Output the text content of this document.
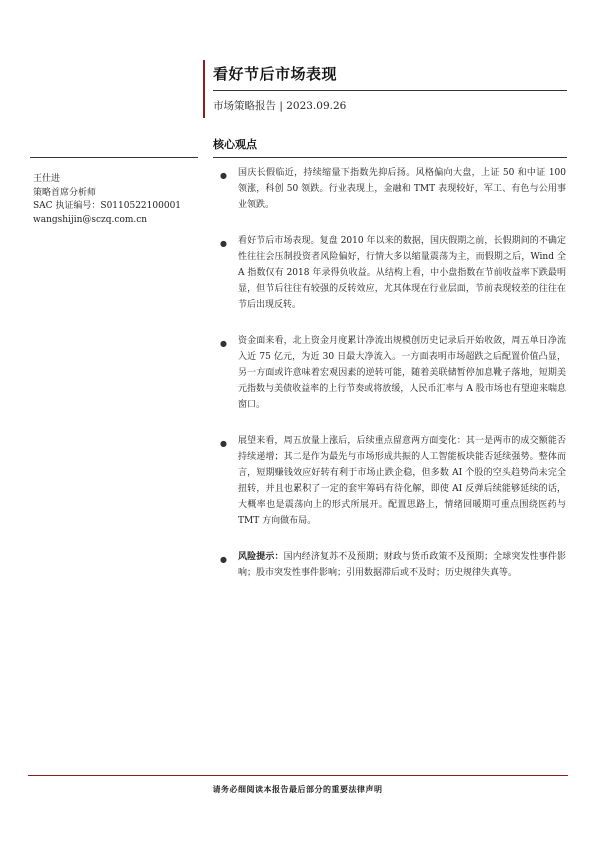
看好节后市场表现
市场策略报告 | 2023.09.26
核心观点
王仕进
策略首席分析师
SAC 执证编号：S0110522100001
wangshijin@sczq.com.cn
● 国庆长假临近，持续缩量下指数先抑后扬。风格偏向大盘，上证 50 和中证 100 领涨，科创 50 领跌。行业表现上，金融和 TMT 表现较好，军工、有色与公用事业领跌。
● 看好节后市场表现。复盘 2010 年以来的数据，国庆假期之前，长假期间的不确定性往往会压制投资者风险偏好，行情大多以缩量震荡为主，而假期之后，Wind 全 A 指数仅有 2018 年录得负收益。从结构上看，中小盘指数在节前收益率下跌最明显，但节后往往有较强的反转效应，尤其体现在行业层面，节前表现较差的往往在节后出现反转。
● 资金面来看，北上资金月度累计净流出规模创历史记录后开始收敛，周五单日净流入近 75 亿元，为近 30 日最大净流入。一方面表明市场超跌之后配置价值凸显，另一方面或许意味着宏观因素的逆转可能，随着美联储暂停加息靴子落地，短期美元指数与美债收益率的上行节奏或将放缓，人民币汇率与 A 股市场也有望迎来喘息窗口。
● 展望来看，周五放量上涨后，后续重点留意两方面变化：其一是两市的成交额能否持续递增；其二是作为最先与市场形成共振的人工智能板块能否延续强势。整体而言，短期赚钱效应好转有利于市场止跌企稳，但多数 AI 个股的空头趋势尚未完全扭转，并且也累积了一定的套牢筹码有待化解，即使 AI 反弹后续能够延续的话，大概率也是震荡向上的形式所展开。配置思路上，情绪回暖期可重点围绕医药与 TMT 方向做布局。
● 风险提示：国内经济复苏不及预期；财政与货币政策不及预期；全球突发性事件影响；股市突发性事件影响；引用数据滞后或不及时；历史规律失真等。
请务必细阅读本报告最后部分的重要法律声明
